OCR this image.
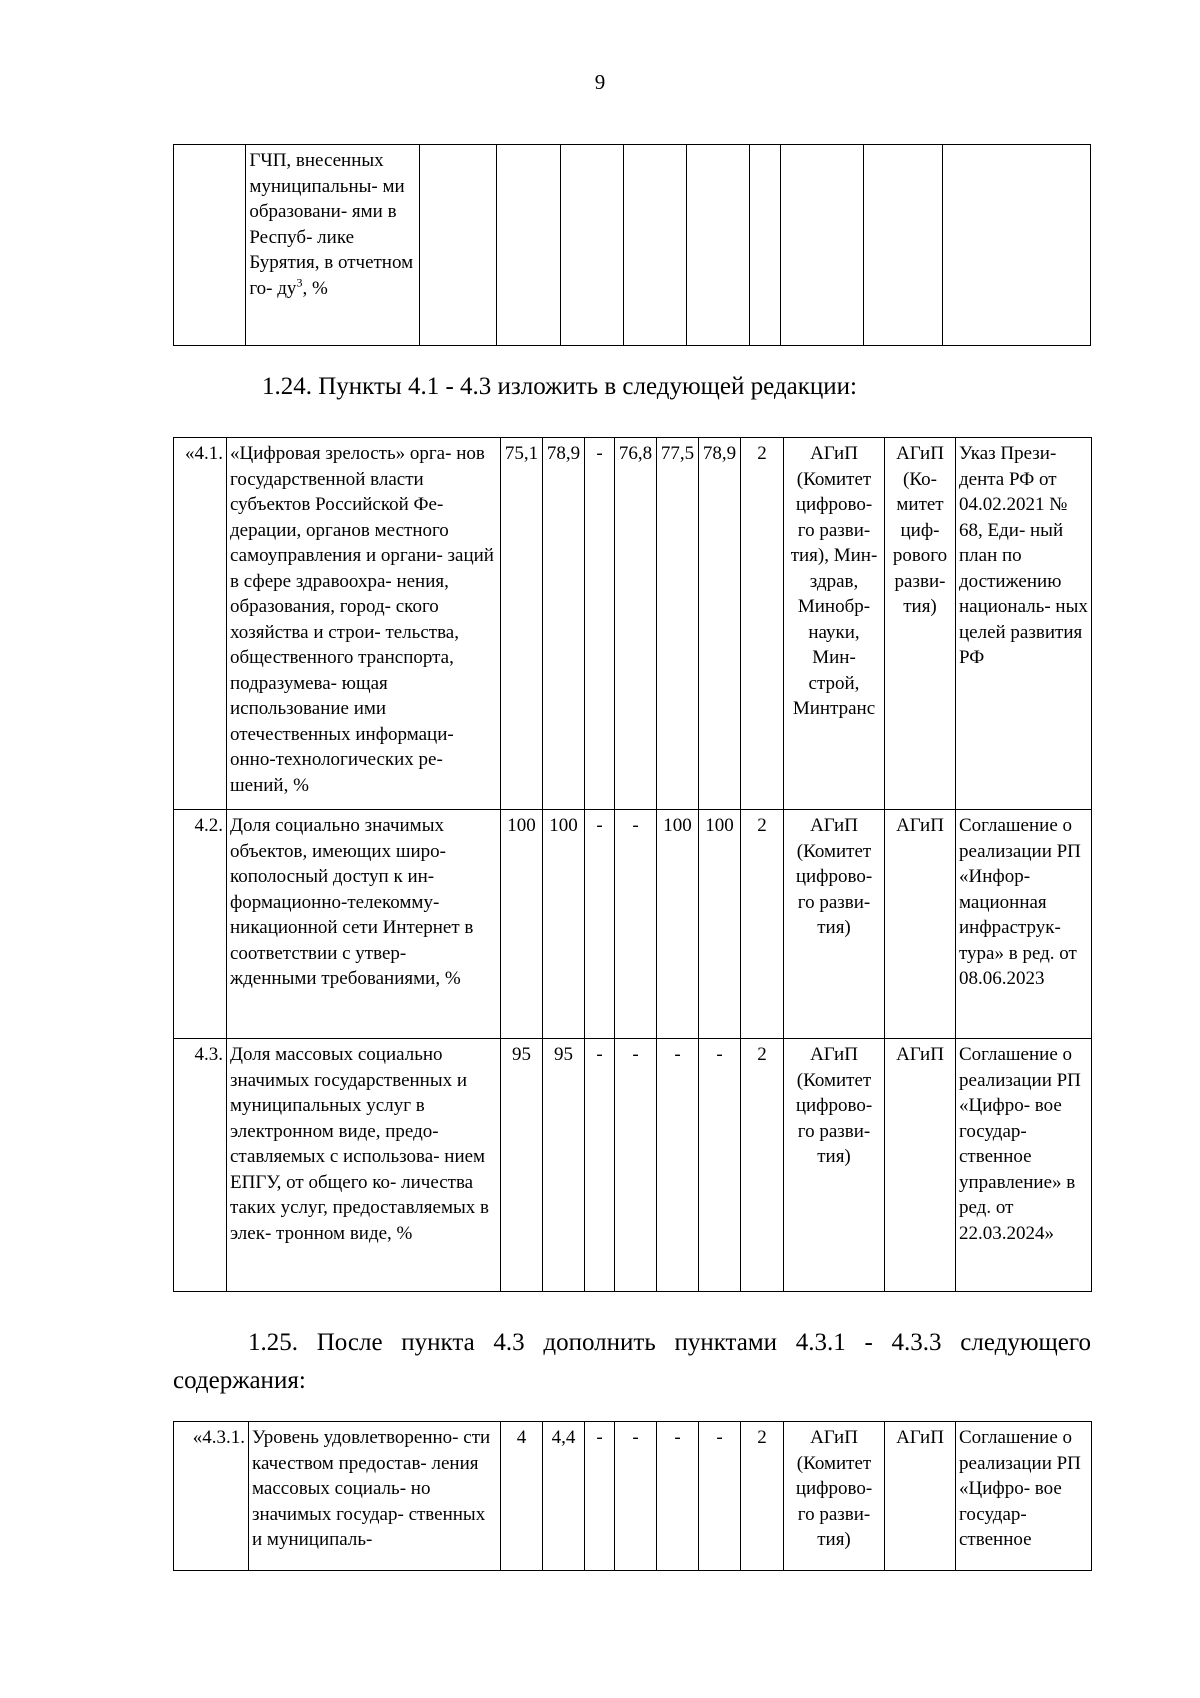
9
	ГЧП, внесенных муниципальны- ми образовани- ями в Респуб- лике Бурятия, в отчетном го- $ду^3$, %									
1.24. Пункты 4.1 - 4.3 изложить в следующей редакции:
«4.1.	«Цифровая зрелость» орга- нов государственной власти субъектов Российской Фе- дерации, органов местного самоуправления и органи- заций в сфере здравоохра- нения, образования, город- ского хозяйства и строи- тельства, общественного транспорта, подразумева- ющая использование ими отечественных информаци- онно-технологических ре- шений, %	75,1	78,9	-	76,8	77,5	78,9	2	АГиП (Комитет цифрово- го разви- тия), Мин- здрав, Минобр- науки, Мин- строй, Минтранс	АГиП (Ко- митет циф- рового разви- тия)	Указ Прези- дента РФ от 04.02.2021 № 68, Еди- ный план по достижению националь- ных целей развития РФ
4.2.	Доля социально значимых объектов, имеющих широ- кополосный доступ к ин- формационно-телекомму- никационной сети Интернет в соответствии с утвер- жденными требованиями, %	100	100	-	-	100	100	2	АГиП (Комитет цифрово- го разви- тия)	АГиП	Соглашение о реализации РП «Инфор- мационная инфраструк- тура» в ред. от 08.06.2023
4.3.	Доля массовых социально значимых государственных и муниципальных услуг в электронном виде, предо- ставляемых с использова- нием ЕПГУ, от общего ко- личества таких услуг, предоставляемых в элек- тронном виде, %	95	95	-	-	-	-	2	АГиП (Комитет цифрово- го разви- тия)	АГиП	Соглашение о реализации РП «Цифро- вое государ- ственное управление» в ред. от 22.03.2024»
1.25. После пункта 4.3 дополнить пунктами 4.3.1 - 4.3.3 следующего содержания:
«4.3.1.	Уровень удовлетворенно- сти качеством предостав- ления массовых социаль- но значимых государ- ственных и муниципаль-	4	4,4	-	-	-	-	2	АГиП (Комитет цифрово- го разви- тия)	АГиП	Соглашение о реализации РП «Цифро- вое государ- ственное
